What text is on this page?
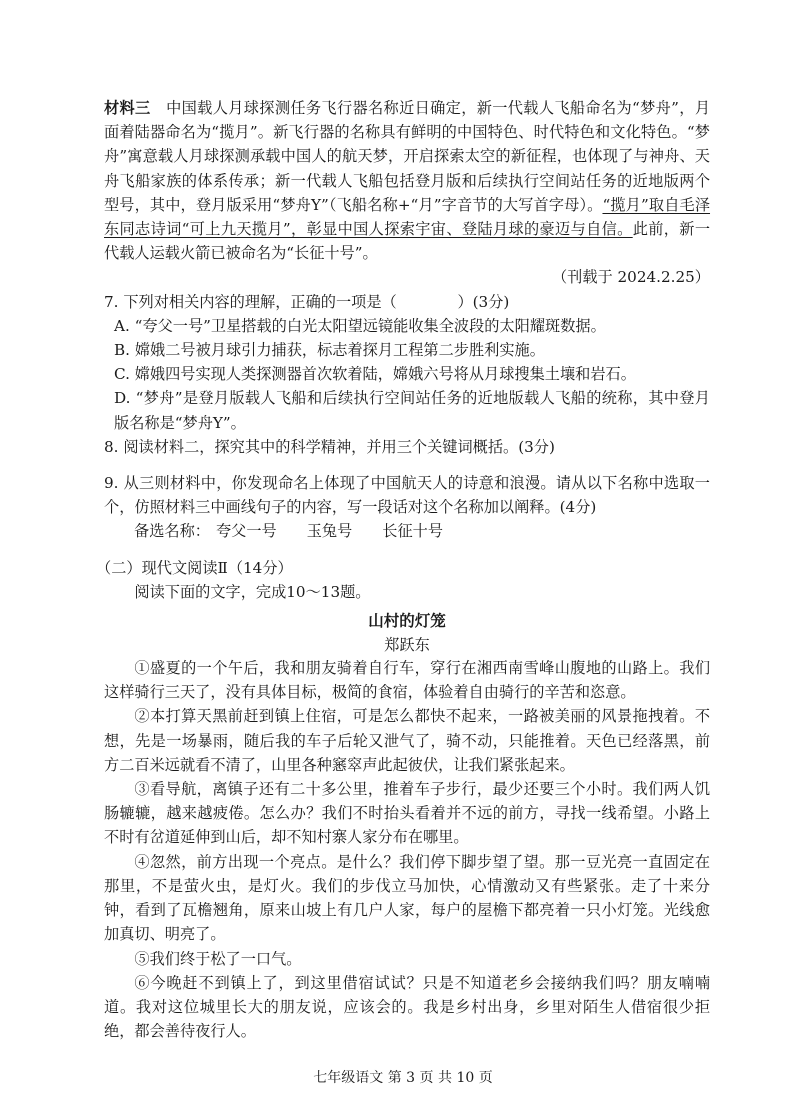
材料三　 中国载人月球探测任务飞行器名称近日确定，新一代载人飞船命名为“梦舟”，月面着陆器命名为“揽月”。新飞行器的名称具有鲜明的中国特色、时代特色和文化特色。“梦舟”寓意载人月球探测承载中国人的航天梦，开启探索太空的新征程，也体现了与神舟、天舟飞船家族的体系传承；新一代载人飞船包括登月版和后续执行空间站任务的近地版两个型号，其中，登月版采用“梦舟Y”（飞船名称+“月”字音节的大写首字母）。“揽月”取自毛泽东同志诗词“可上九天揽月”，彰显中国人探索宇宙、登陆月球的豪迈与自信。此前，新一代载人运载火箭已被命名为“长征十号”。

（刊载于 2024.2.25）

7. 下列对相关内容的理解，正确的一项是（　　　　）(3分)

A. “夸父一号”卫星搭载的白光太阳望远镜能收集全波段的太阳耀斑数据。

B. 嫦娥二号被月球引力捕获，标志着探月工程第二步胜利实施。

C. 嫦娥四号实现人类探测器首次软着陆，嫦娥六号将从月球搜集土壤和岩石。

D. “梦舟”是登月版载人飞船和后续执行空间站任务的近地版载人飞船的统称，其中登月版名称是“梦舟Y”。

8. 阅读材料二，探究其中的科学精神，并用三个关键词概括。(3分)

9. 从三则材料中，你发现命名上体现了中国航天人的诗意和浪漫。请从以下名称中选取一个，仿照材料三中画线句子的内容，写一段话对这个名称加以阐释。(4分)

备选名称： 夸父一号 玉兔号 长征十号

（二）现代文阅读Ⅱ（14分）

阅读下面的文字，完成10～13题。

山村的灯笼

郑跃东

①盛夏的一个午后，我和朋友骑着自行车，穿行在湘西南雪峰山腹地的山路上。我们这样骑行三天了，没有具体目标，极简的食宿，体验着自由骑行的辛苦和恣意。

②本打算天黑前赶到镇上住宿，可是怎么都快不起来，一路被美丽的风景拖拽着。不想，先是一场暴雨，随后我的车子后轮又泄气了，骑不动，只能推着。天色已经落黑，前方二百米远就看不清了，山里各种窸窣声此起彼伏，让我们紧张起来。

③看导航，离镇子还有二十多公里，推着车子步行，最少还要三个小时。我们两人饥肠辘辘，越来越疲倦。怎么办？我们不时抬头看着并不远的前方，寻找一线希望。小路上不时有岔道延伸到山后，却不知村寨人家分布在哪里。

④忽然，前方出现一个亮点。是什么？我们停下脚步望了望。那一豆光亮一直固定在那里，不是萤火虫，是灯火。我们的步伐立马加快，心情激动又有些紧张。走了十来分钟，看到了瓦檐翘角，原来山坡上有几户人家，每户的屋檐下都亮着一只小灯笼。光线愈加真切、明亮了。

⑤我们终于松了一口气。

⑥今晚赶不到镇上了，到这里借宿试试？只是不知道老乡会接纳我们吗？朋友喃喃道。我对这位城里长大的朋友说，应该会的。我是乡村出身，乡里对陌生人借宿很少拒绝，都会善待夜行人。

七年级语文 第 3 页 共 10 页
